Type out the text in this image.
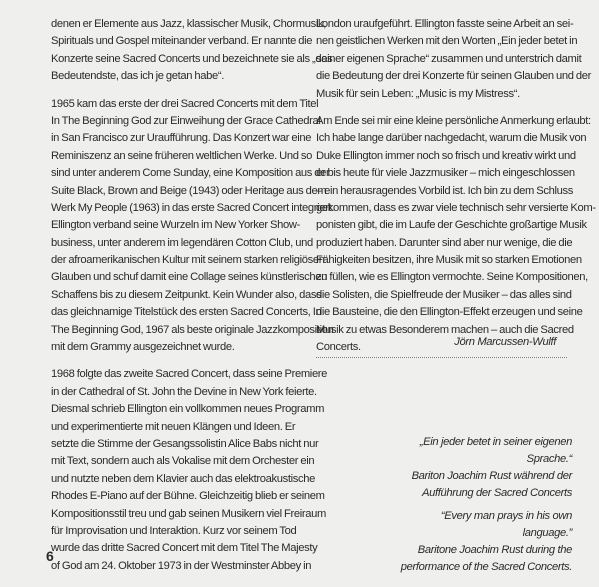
denen er Elemente aus Jazz, klassischer Musik, Chormusik,
Spirituals und Gospel miteinander verband. Er nannte die
Konzerte seine Sacred Concerts und bezeichnete sie als „das
Bedeutendste, das ich je getan habe“.
1965 kam das erste der drei Sacred Concerts mit dem Titel
In The Beginning God zur Einweihung der Grace Cathedral
in San Francisco zur Uraufführung. Das Konzert war eine
Reminiszenz an seine früheren weltlichen Werke. Und so
sind unter anderem Come Sunday, eine Komposition aus der
Suite Black, Brown and Beige (1943) oder Heritage aus dem
Werk My People (1963) in das erste Sacred Concert integriert.
Ellington verband seine Wurzeln im New Yorker Show-
business, unter anderem im legendären Cotton Club, und
der afroamerikanischen Kultur mit seinem starken religiösen
Glauben und schuf damit eine Collage seines künstlerischen
Schaffens bis zu diesem Zeitpunkt. Kein Wunder also, dass
das gleichnamige Titelstück des ersten Sacred Concerts, In
The Beginning God, 1967 als beste originale Jazzkomposition
mit dem Grammy ausgezeichnet wurde.
1968 folgte das zweite Sacred Concert, dass seine Premiere
in der Cathedral of St. John the Devine in New York feierte.
Diesmal schrieb Ellington ein vollkommen neues Programm
und experimentierte mit neuen Klängen und Ideen. Er
setzte die Stimme der Gesangssolistin Alice Babs nicht nur
mit Text, sondern auch als Vokalise mit dem Orchester ein
und nutzte neben dem Klavier auch das elektroakustische
Rhodes E-Piano auf der Bühne. Gleichzeitig blieb er seinem
Kompositionsstil treu und gab seinen Musikern viel Freiraum
für Improvisation und Interaktion. Kurz vor seinem Tod
wurde das dritte Sacred Concert mit dem Titel The Majesty
of God am 24. Oktober 1973 in der Westminster Abbey in
London uraufgeführt. Ellington fasste seine Arbeit an sei-
nen geistlichen Werken mit den Worten „Ein jeder betet in
seiner eigenen Sprache“ zusammen und unterstrich damit
die Bedeutung der drei Konzerte für seinen Glauben und der
Musik für sein Leben: „Music is my Mistress“.
Am Ende sei mir eine kleine persönliche Anmerkung erlaubt:
Ich habe lange darüber nachgedacht, warum die Musik von
Duke Ellington immer noch so frisch und kreativ wirkt und
er bis heute für viele Jazzmusiker – mich eingeschlossen
– ein herausragendes Vorbild ist. Ich bin zu dem Schluss
gekommen, dass es zwar viele technisch sehr versierte Kom-
ponisten gibt, die im Laufe der Geschichte großartige Musik
produziert haben. Darunter sind aber nur wenige, die die
Fähigkeiten besitzen, ihre Musik mit so starken Emotionen
zu füllen, wie es Ellington vermochte. Seine Kompositionen,
die Solisten, die Spielfreude der Musiker – das alles sind
die Bausteine, die den Ellington-Effekt erzeugen und seine
Musik zu etwas Besonderem machen – auch die Sacred
Concerts.	Jörn Marcussen-Wulff
„Ein jeder betet in seiner eigenen Sprache.“
Bariton Joachim Rust während der
Aufführung der Sacred Concerts
“Every man prays in his own language.”
Baritone Joachim Rust during the
performance of the Sacred Concerts.
6
